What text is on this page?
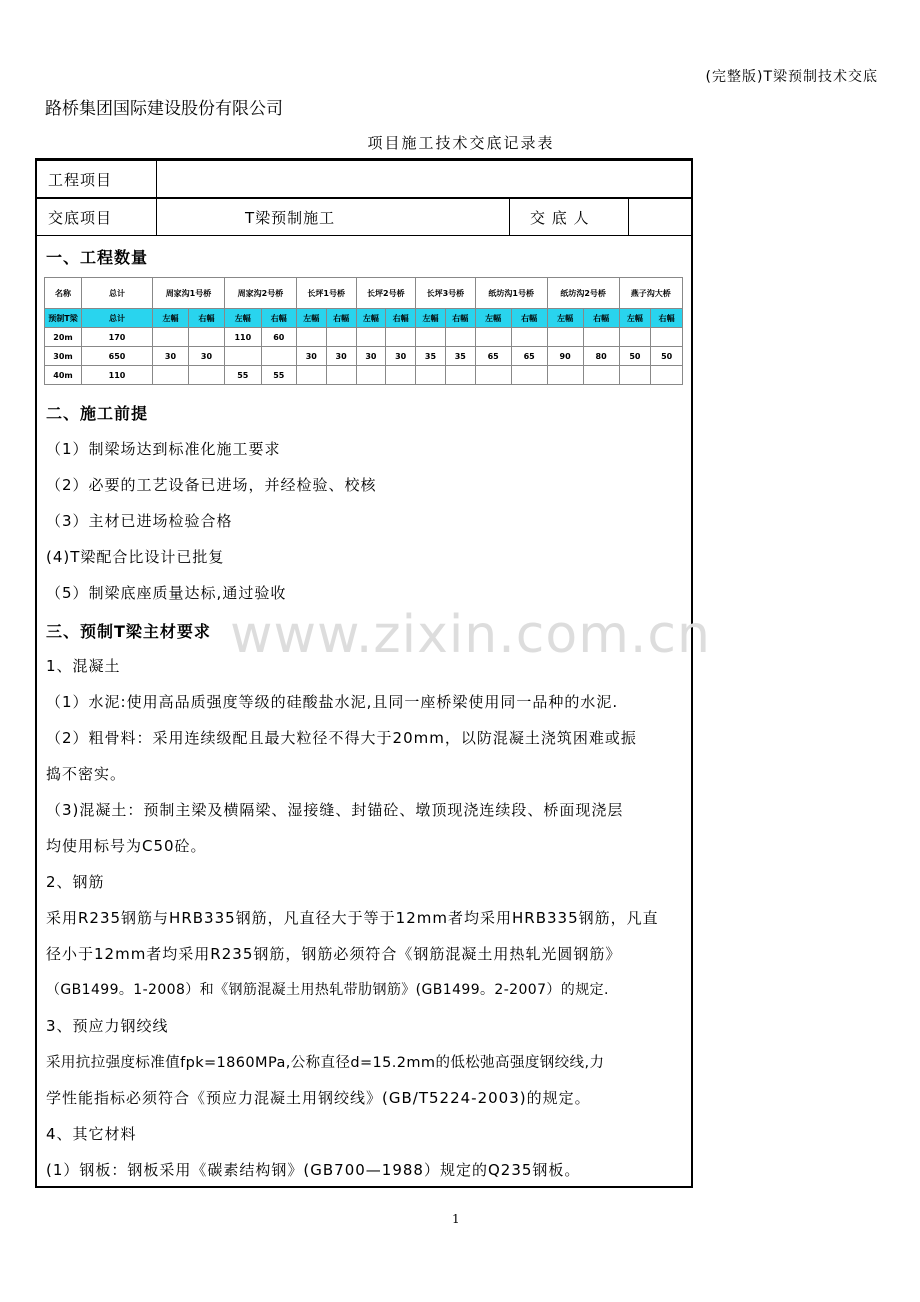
(完整版)T梁预制技术交底
路桥集团国际建设股份有限公司
项目施工技术交底记录表
工程项目	
交底项目	T梁预制施工	交 底 人	
一、工程数量
名称	总计	周家沟1号桥		周家沟2号桥		长坪1号桥		长坪2号桥		长坪3号桥		纸坊沟1号桥		纸坊沟2号桥		燕子沟大桥	
预制T梁	总计	左幅	右幅	左幅	右幅	左幅	右幅	左幅	右幅	左幅	右幅	左幅	右幅	左幅	右幅	左幅	右幅
20m	170			110	60												
30m	650	30	30			30	30	30	30	35	35	65	65	90	80	50	50
40m	110			55	55												
二、施工前提
（1）制梁场达到标准化施工要求
（2）必要的工艺设备已进场，并经检验、校核
（3）主材已进场检验合格
(4)T梁配合比设计已批复
（5）制梁底座质量达标,通过验收
www.zixin.com.cn
三、预制T梁主材要求
1、混凝土
（1）水泥:使用高品质强度等级的硅酸盐水泥,且同一座桥梁使用同一品种的水泥.
（2）粗骨料：采用连续级配且最大粒径不得大于20mm，以防混凝土浇筑困难或振
捣不密实。
（3)混凝土：预制主梁及横隔梁、湿接缝、封锚砼、墩顶现浇连续段、桥面现浇层
均使用标号为C50砼。
2、钢筋
采用R235钢筋与HRB335钢筋，凡直径大于等于12mm者均采用HRB335钢筋，凡直
径小于12mm者均采用R235钢筋，钢筋必须符合《钢筋混凝土用热轧光圆钢筋》
（GB1499。1-2008）和《钢筋混凝土用热轧带肋钢筋》(GB1499。2-2007）的规定.
3、预应力钢绞线
采用抗拉强度标准值fpk=1860MPa,公称直径d=15.2mm的低松弛高强度钢绞线,力
学性能指标必须符合《预应力混凝土用钢绞线》(GB/T5224-2003)的规定。
4、其它材料
(1）钢板：钢板采用《碳素结构钢》(GB700—1988）规定的Q235钢板。
1
